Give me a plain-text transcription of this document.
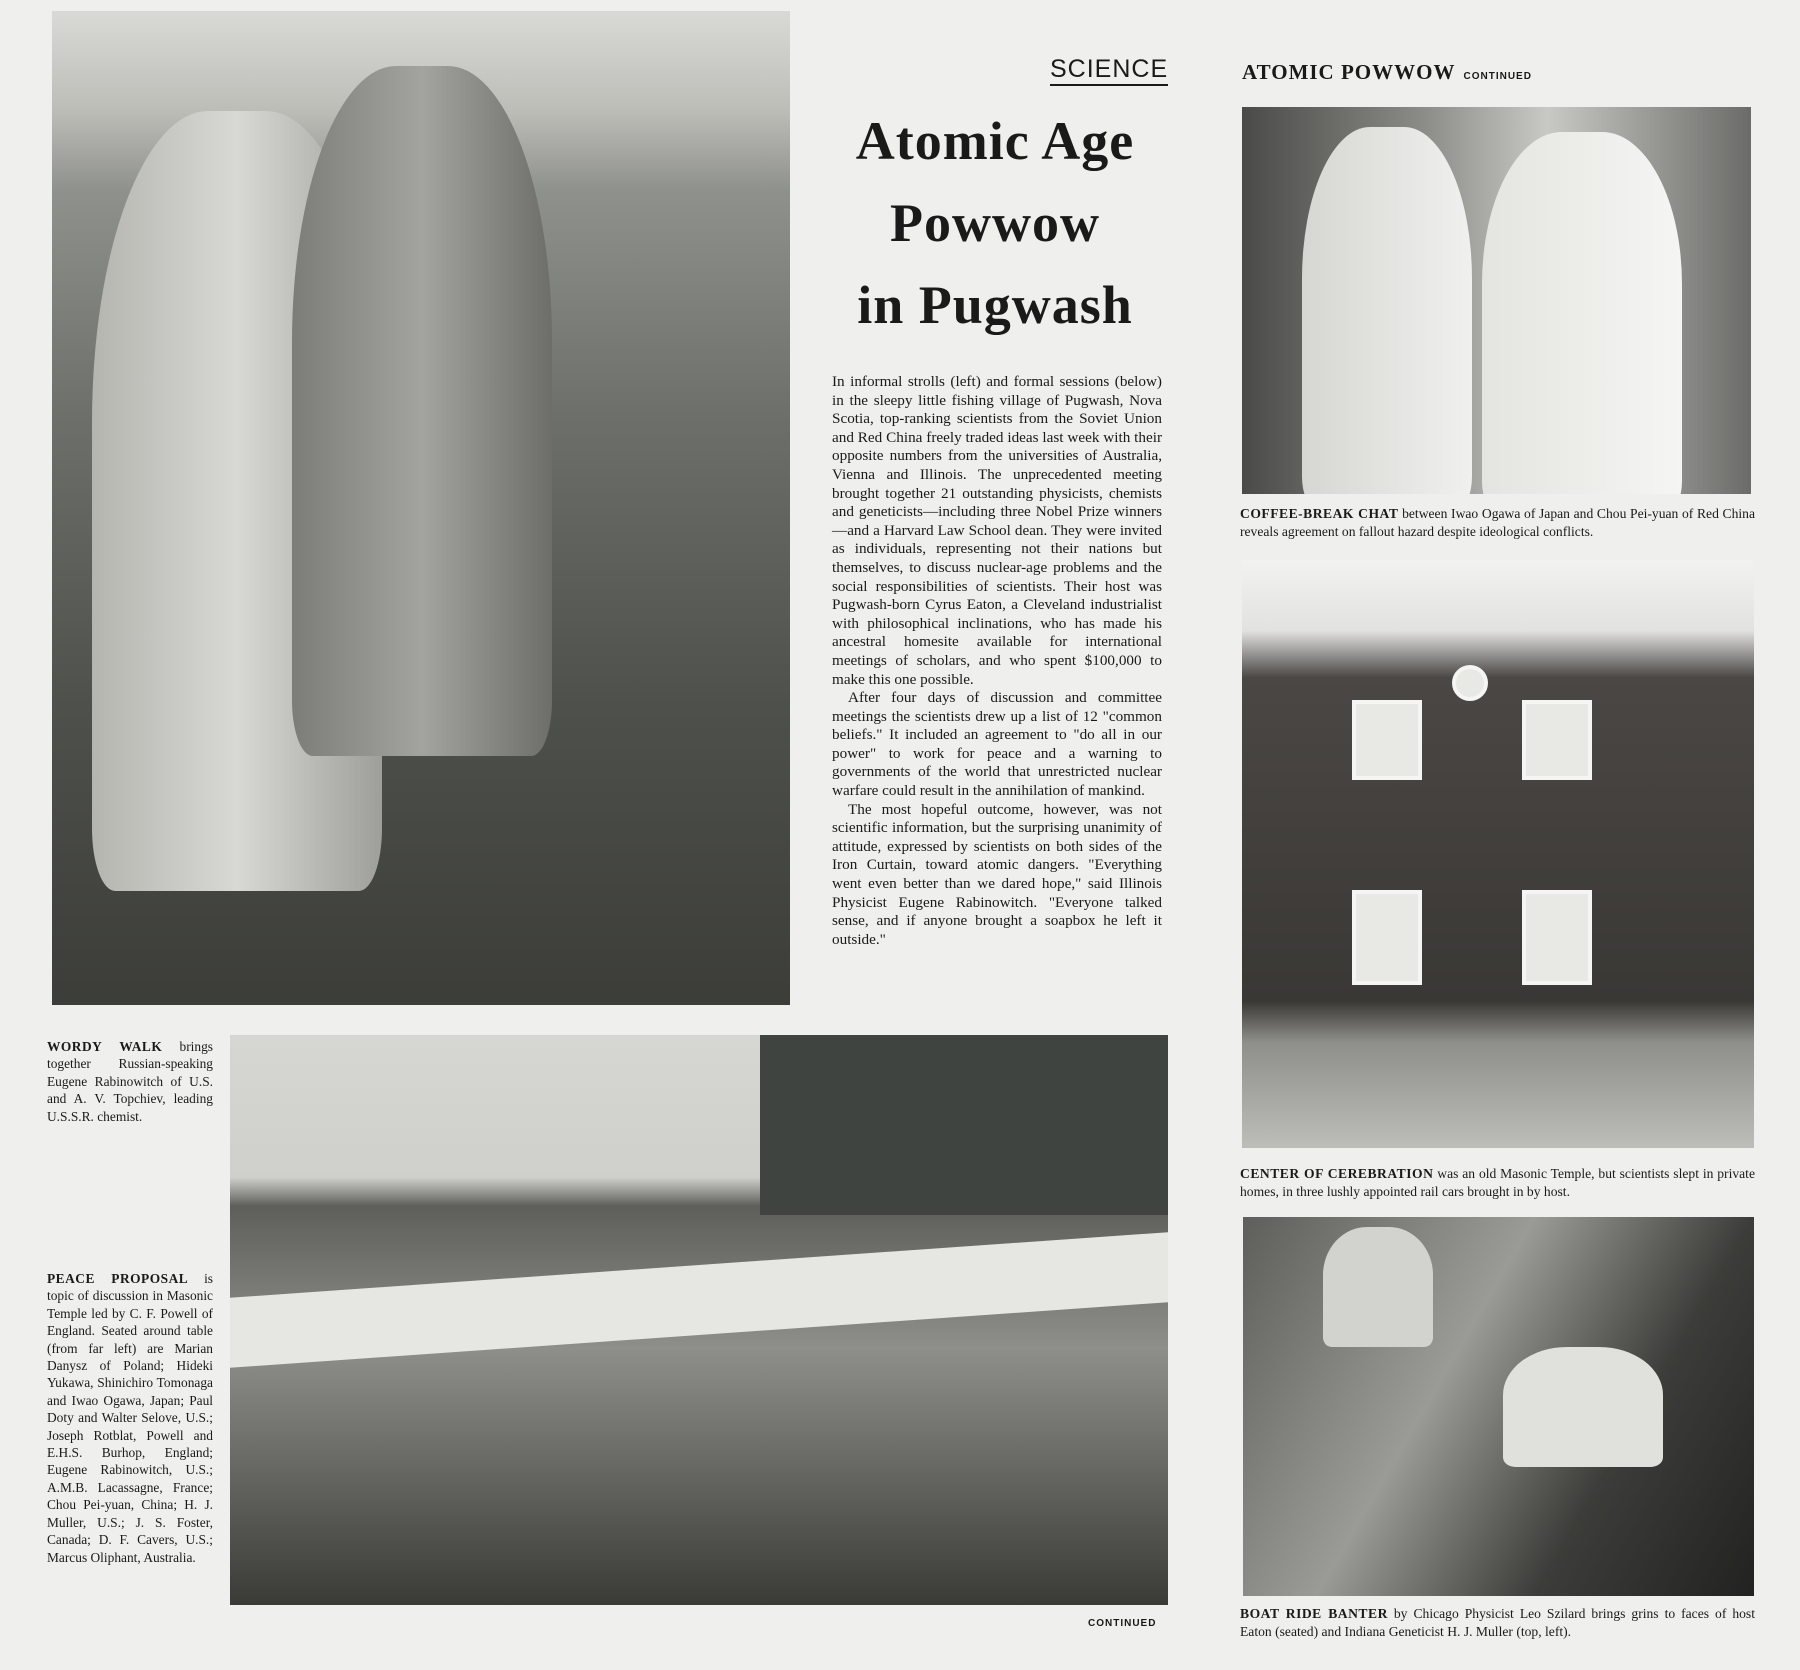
SCIENCE
Atomic Age
Powwow
in Pugwash

In informal strolls (left) and formal sessions (below) in the sleepy little fishing village of Pugwash, Nova Scotia, top-ranking scientists from the Soviet Union and Red China freely traded ideas last week with their opposite numbers from the universities of Australia, Vienna and Illinois. The unprecedented meeting brought together 21 outstanding physicists, chemists and geneticists—including three Nobel Prize winners—and a Harvard Law School dean. They were invited as individuals, representing not their nations but themselves, to discuss nuclear-age problems and the social responsibilities of scientists. Their host was Pugwash-born Cyrus Eaton, a Cleveland industrialist with philosophical inclinations, who has made his ancestral homesite available for international meetings of scholars, and who spent $100,000 to make this one possible.

After four days of discussion and committee meetings the scientists drew up a list of 12 "common beliefs." It included an agreement to "do all in our power" to work for peace and a warning to governments of the world that unrestricted nuclear warfare could result in the annihilation of mankind.

The most hopeful outcome, however, was not scientific information, but the surprising unanimity of attitude, expressed by scientists on both sides of the Iron Curtain, toward atomic dangers. "Everything went even better than we dared hope," said Illinois Physicist Eugene Rabinowitch. "Everyone talked sense, and if anyone brought a soapbox he left it outside."

ATOMIC POWWOW CONTINUED
COFFEE-BREAK CHAT between Iwao Ogawa of Japan and Chou Pei-yuan of Red China reveals agreement on fallout hazard despite ideological conflicts.
CENTER OF CEREBRATION was an old Masonic Temple, but scientists slept in private homes, in three lushly appointed rail cars brought in by host.
BOAT RIDE BANTER by Chicago Physicist Leo Szilard brings grins to faces of host Eaton (seated) and Indiana Geneticist H. J. Muller (top, left).
WORDY WALK brings together Russian-speaking Eugene Rabinowitch of U.S. and A. V. Topchiev, leading U.S.S.R. chemist.
PEACE PROPOSAL is topic of discussion in Masonic Temple led by C. F. Powell of England. Seated around table (from far left) are Marian Danysz of Poland; Hideki Yukawa, Shinichiro Tomonaga and Iwao Ogawa, Japan; Paul Doty and Walter Selove, U.S.; Joseph Rotblat, Powell and E.H.S. Burhop, England; Eugene Rabinowitch, U.S.; A.M.B. Lacassagne, France; Chou Pei-yuan, China; H. J. Muller, U.S.; J. S. Foster, Canada; D. F. Cavers, U.S.; Marcus Oliphant, Australia.
CONTINUED
